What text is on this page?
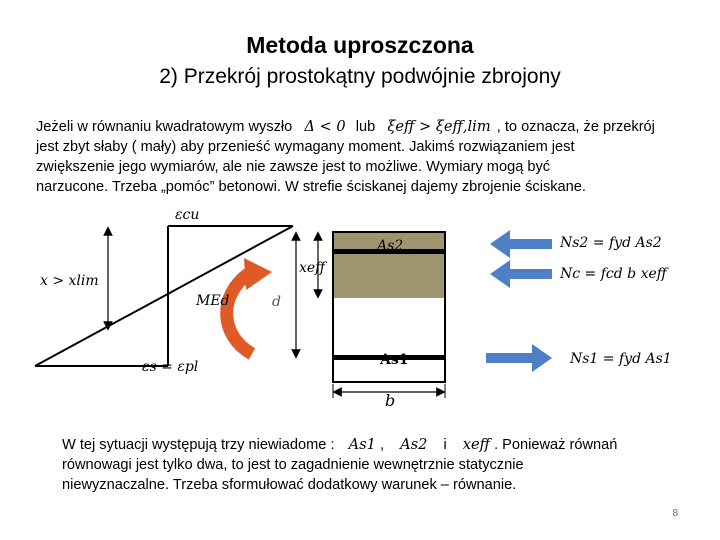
Metoda uproszczona
2) Przekrój prostokątny podwójnie zbrojony
Jeżeli w równaniu kwadratowym wyszło Δ < 0 lub ξeff > ξeff,lim , to oznacza, że przekrój
jest zbyt słaby ( mały) aby przenieść wymagany moment. Jakimś rozwiązaniem jest
zwiększenie jego wymiarów, ale nie zawsze jest to możliwe. Wymiary mogą być
narzucone. Trzeba „pomóc” betonowi. W strefie ściskanej dajemy zbrojenie ściskane.
εcu
x > xlim
MEd
εs = εpl
xeff
d
As2
As1
b
Ns2 = fyd As2
Nc = fcd b xeff
Ns1 = fyd As1
W tej sytuacji występują trzy niewiadome : As1 , As2 i xeff . Ponieważ równań
równowagi jest tylko dwa, to jest to zagadnienie wewnętrznie statycznie
niewyznaczalne. Trzeba sformułować dodatkowy warunek – równanie.
8
